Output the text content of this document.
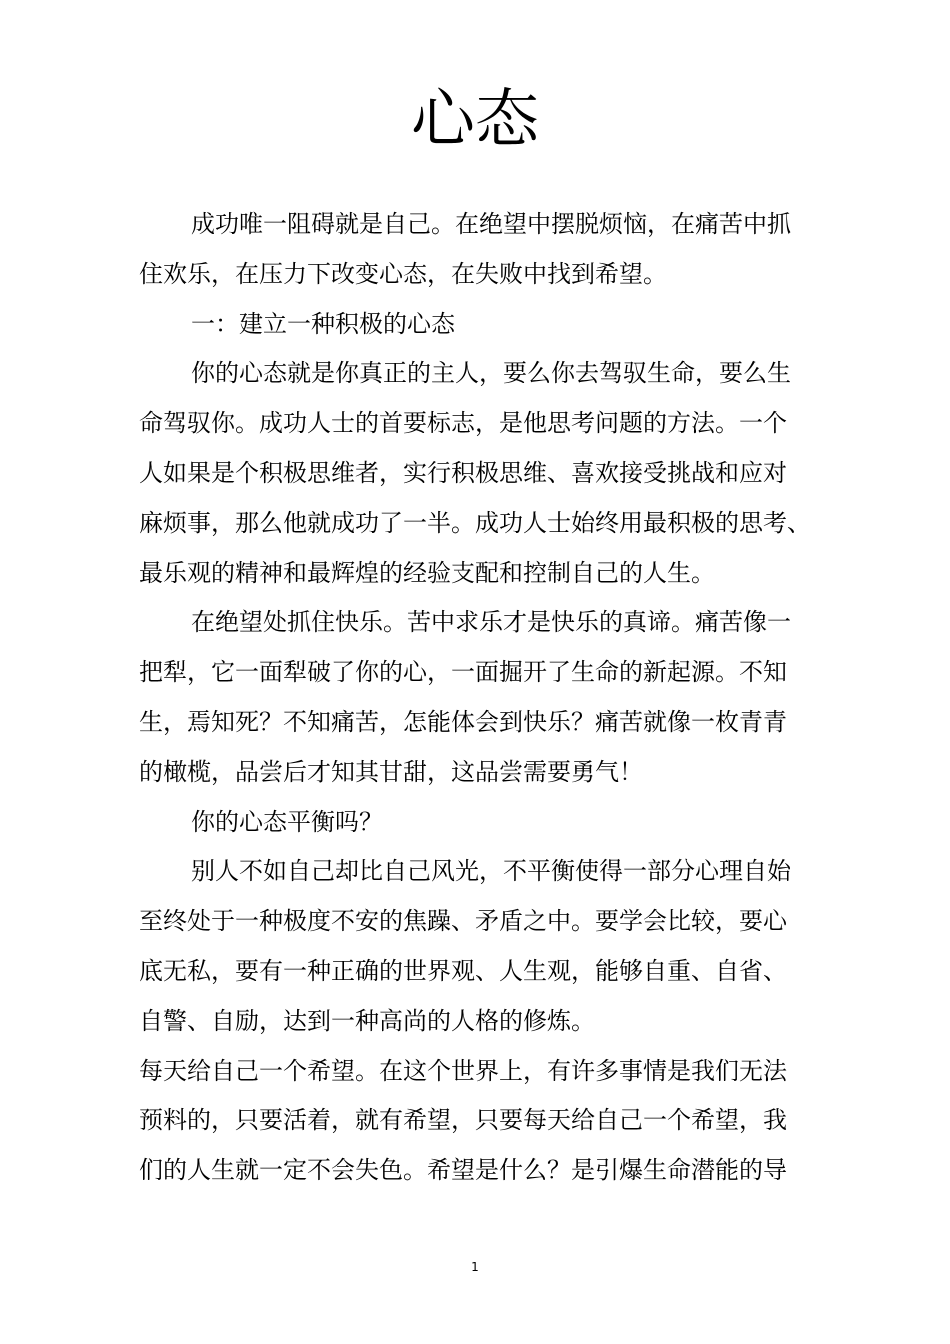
心态
成功唯一阻碍就是自己。在绝望中摆脱烦恼，在痛苦中抓
住欢乐，在压力下改变心态，在失败中找到希望。
一：建立一种积极的心态
你的心态就是你真正的主人，要么你去驾驭生命，要么生
命驾驭你。成功人士的首要标志，是他思考问题的方法。一个
人如果是个积极思维者，实行积极思维、喜欢接受挑战和应对
麻烦事，那么他就成功了一半。成功人士始终用最积极的思考、
最乐观的精神和最辉煌的经验支配和控制自己的人生。
在绝望处抓住快乐。苦中求乐才是快乐的真谛。痛苦像一
把犁，它一面犁破了你的心，一面掘开了生命的新起源。不知
生，焉知死？不知痛苦，怎能体会到快乐？痛苦就像一枚青青
的橄榄，品尝后才知其甘甜，这品尝需要勇气！
你的心态平衡吗？
别人不如自己却比自己风光，不平衡使得一部分心理自始
至终处于一种极度不安的焦躁、矛盾之中。要学会比较，要心
底无私，要有一种正确的世界观、人生观，能够自重、自省、
自警、自励，达到一种高尚的人格的修炼。
每天给自己一个希望。在这个世界上，有许多事情是我们无法
预料的，只要活着，就有希望，只要每天给自己一个希望，我
们的人生就一定不会失色。希望是什么？是引爆生命潜能的导
1
